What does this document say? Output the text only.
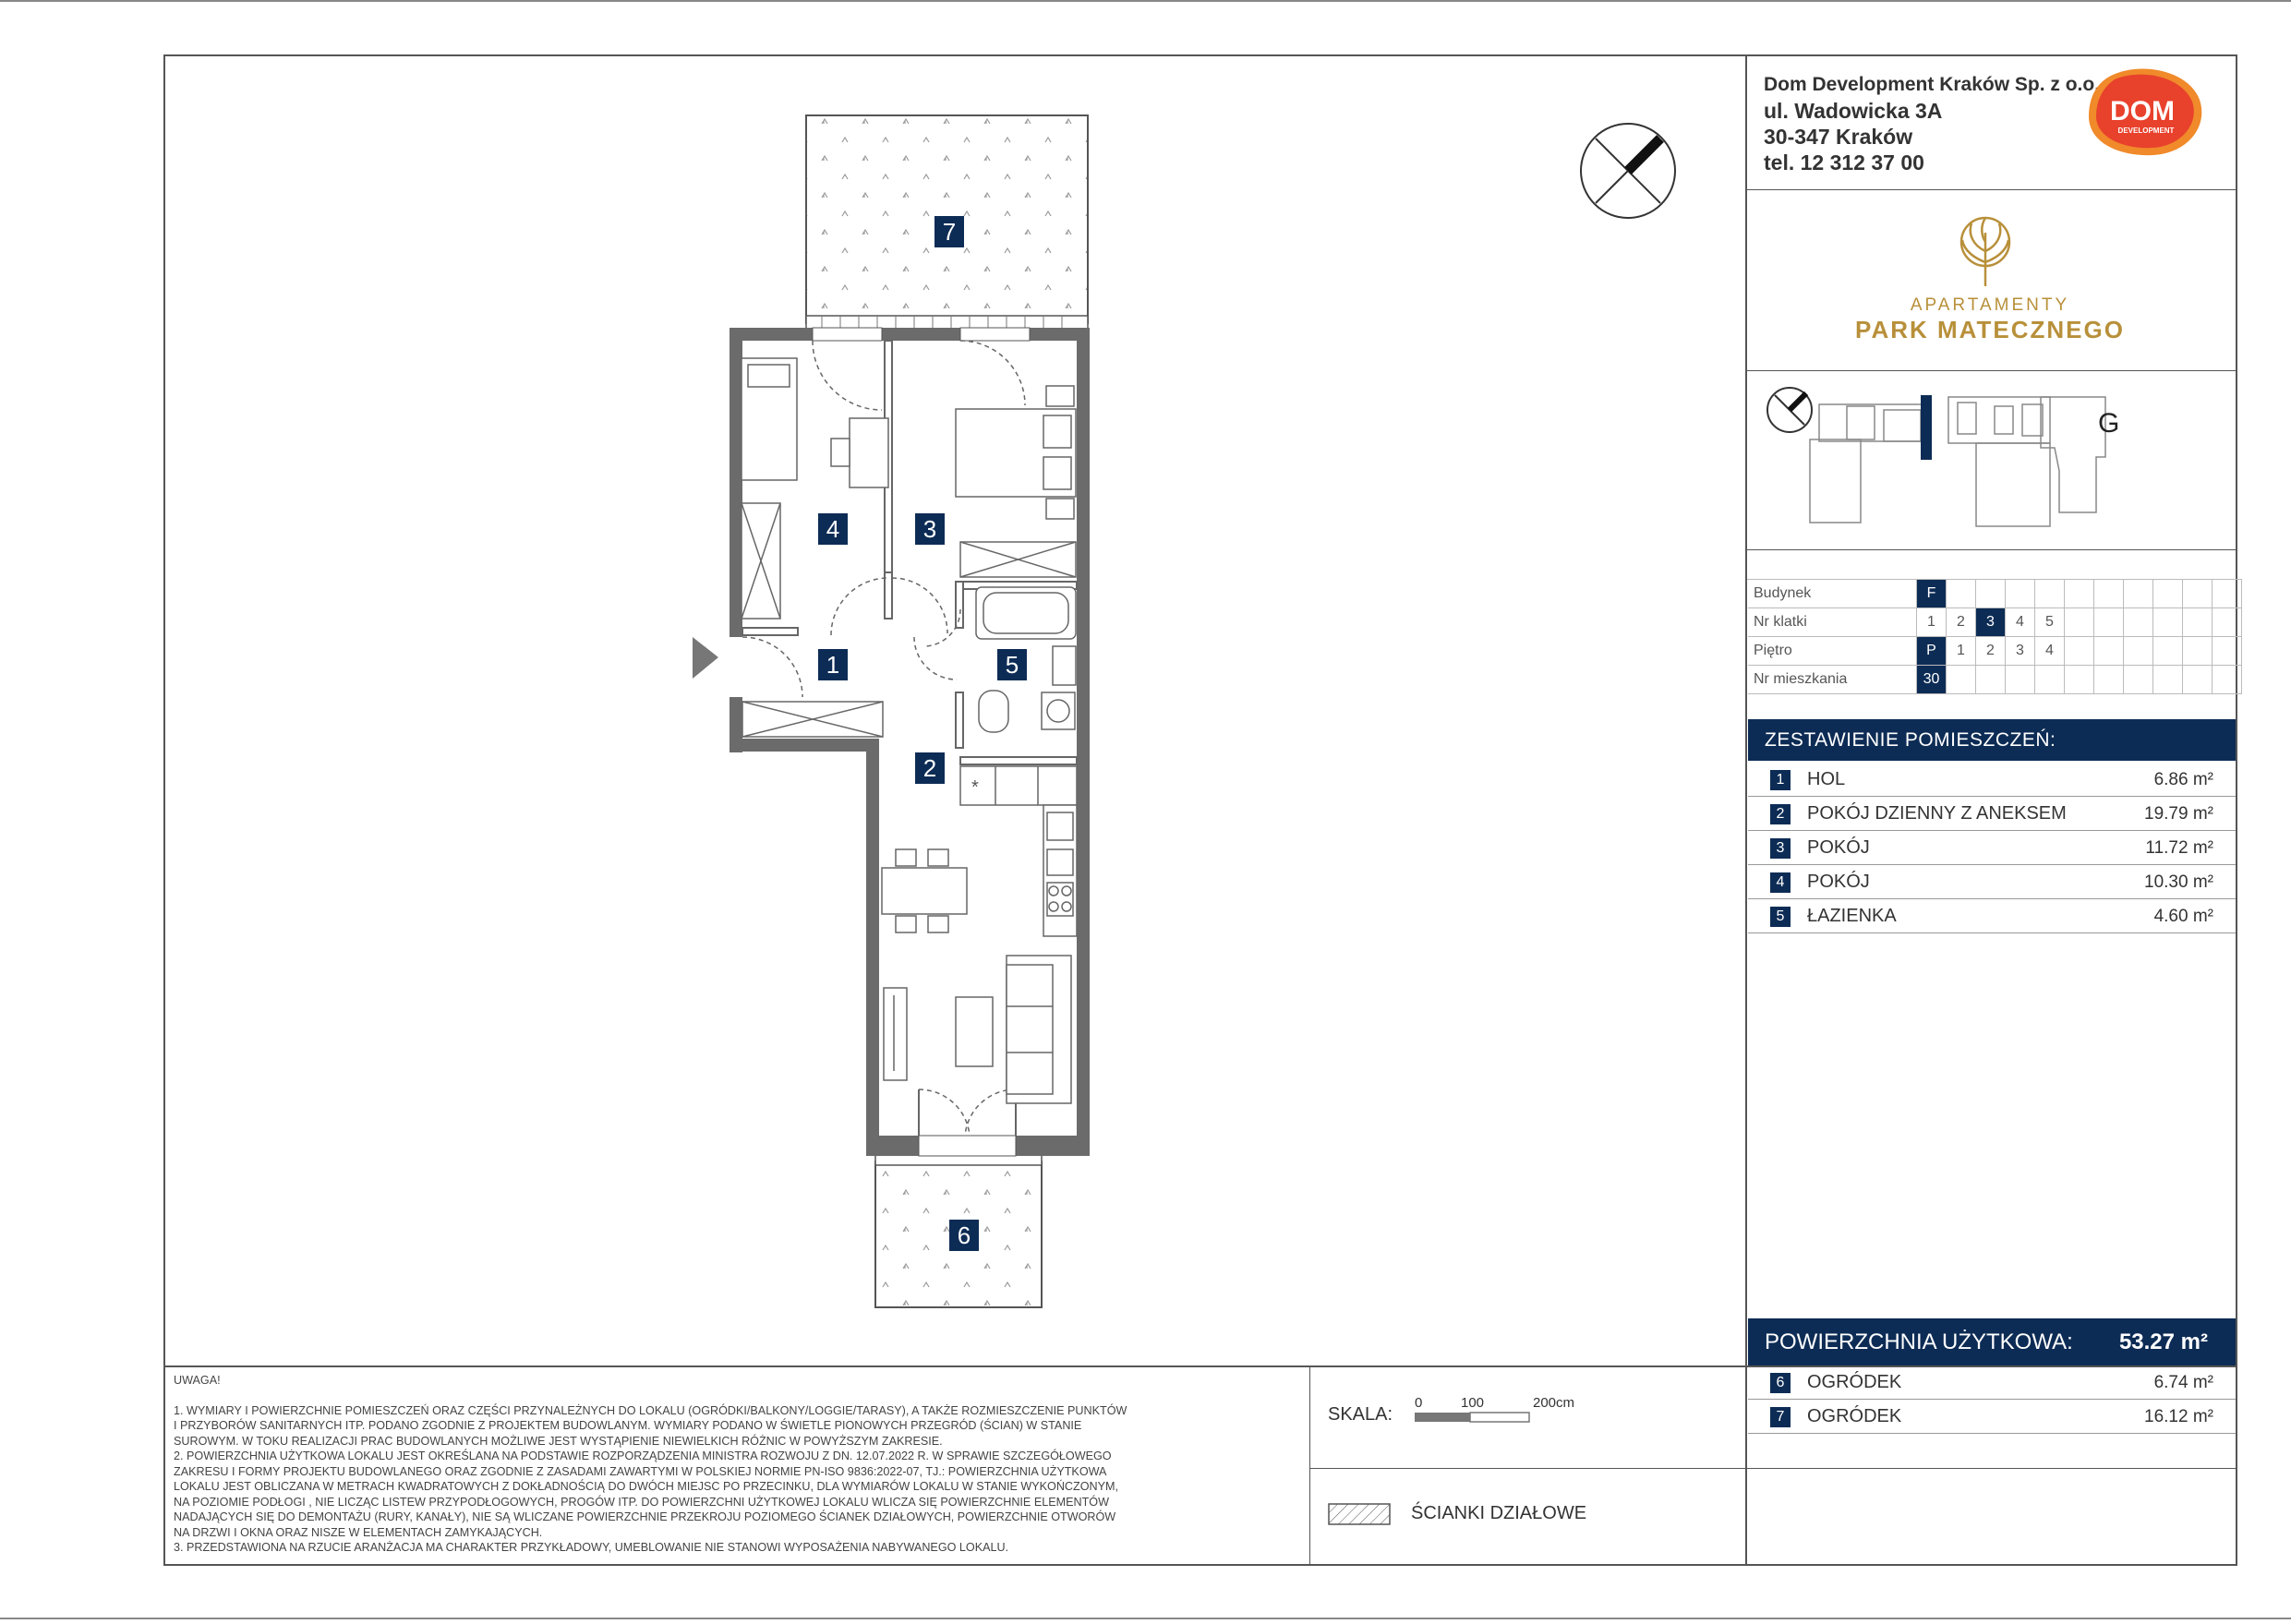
Dom Development Kraków Sp. z o.o.
ul. Wadowicka 3A
30-347 Kraków
tel. 12 312 37 00
DOM
DEVELOPMENT
APARTAMENTY
PARK MATECZNEGO
G
Budynek	F										
Nr klatki	1	2	3	4	5						
Piętro	P	1	2	3	4						
Nr mieszkania	30										
ZESTAWIENIE POMIESZCZEŃ:
1	HOL	6.86 m²
2	POKÓJ DZIENNY Z ANEKSEM	19.79 m²
3	POKÓJ	11.72 m²
4	POKÓJ	10.30 m²
5	ŁAZIENKA	4.60 m²
POWIERZCHNIA UŻYTKOWA: 53.27 m²
6	OGRÓDEK	6.74 m²
7	OGRÓDEK	16.12 m²

UWAGA!

1. WYMIARY I POWIERZCHNIE POMIESZCZEŃ ORAZ CZĘŚCI PRZYNALEŻNYCH DO LOKALU (OGRÓDKI/BALKONY/LOGGIE/TARASY), A TAKŻE ROZMIESZCZENIE PUNKTÓW

I PRZYBORÓW SANITARNYCH ITP. PODANO ZGODNIE Z PROJEKTEM BUDOWLANYM. WYMIARY PODANO W ŚWIETLE PIONOWYCH PRZEGRÓD (ŚCIAN) W STANIE

SUROWYM. W TOKU REALIZACJI PRAC BUDOWLANYCH MOŻLIWE JEST WYSTĄPIENIE NIEWIELKICH RÓŻNIC W POWYŻSZYM ZAKRESIE.

2. POWIERZCHNIA UŻYTKOWA LOKALU JEST OKREŚLANA NA PODSTAWIE ROZPORZĄDZENIA MINISTRA ROZWOJU Z DN. 12.07.2022 R. W SPRAWIE SZCZEGÓŁOWEGO

ZAKRESU I FORMY PROJEKTU BUDOWLANEGO ORAZ ZGODNIE Z ZASADAMI ZAWARTYMI W POLSKIEJ NORMIE PN-ISO 9836:2022-07, TJ.: POWIERZCHNIA UŻYTKOWA

LOKALU JEST OBLICZANA W METRACH KWADRATOWYCH Z DOKŁADNOŚCIĄ DO DWÓCH MIEJSC PO PRZECINKU, DLA WYMIARÓW LOKALU W STANIE WYKOŃCZONYM,

NA POZIOMIE PODŁOGI , NIE LICZĄC LISTEW PRZYPODŁOGOWYCH, PROGÓW ITP. DO POWIERZCHNI UŻYTKOWEJ LOKALU WLICZA SIĘ POWIERZCHNIE ELEMENTÓW

NADAJĄCYCH SIĘ DO DEMONTAŻU (RURY, KANAŁY), NIE SĄ WLICZANE POWIERZCHNIE PRZEKROJU POZIOMEGO ŚCIANEK DZIAŁOWYCH, POWIERZCHNIE OTWORÓW

NA DRZWI I OKNA ORAZ NISZE W ELEMENTACH ZAMYKAJĄCYCH.

3. PRZEDSTAWIONA NA RZUCIE ARANŻACJA MA CHARAKTER PRZYKŁADOWY, UMEBLOWANIE NIE STANOWI WYPOSAŻENIA NABYWANEGO LOKALU.

SKALA:
0	100	200cm
ŚCIANKI DZIAŁOWE
*
7
4	3
1	5
2
6
